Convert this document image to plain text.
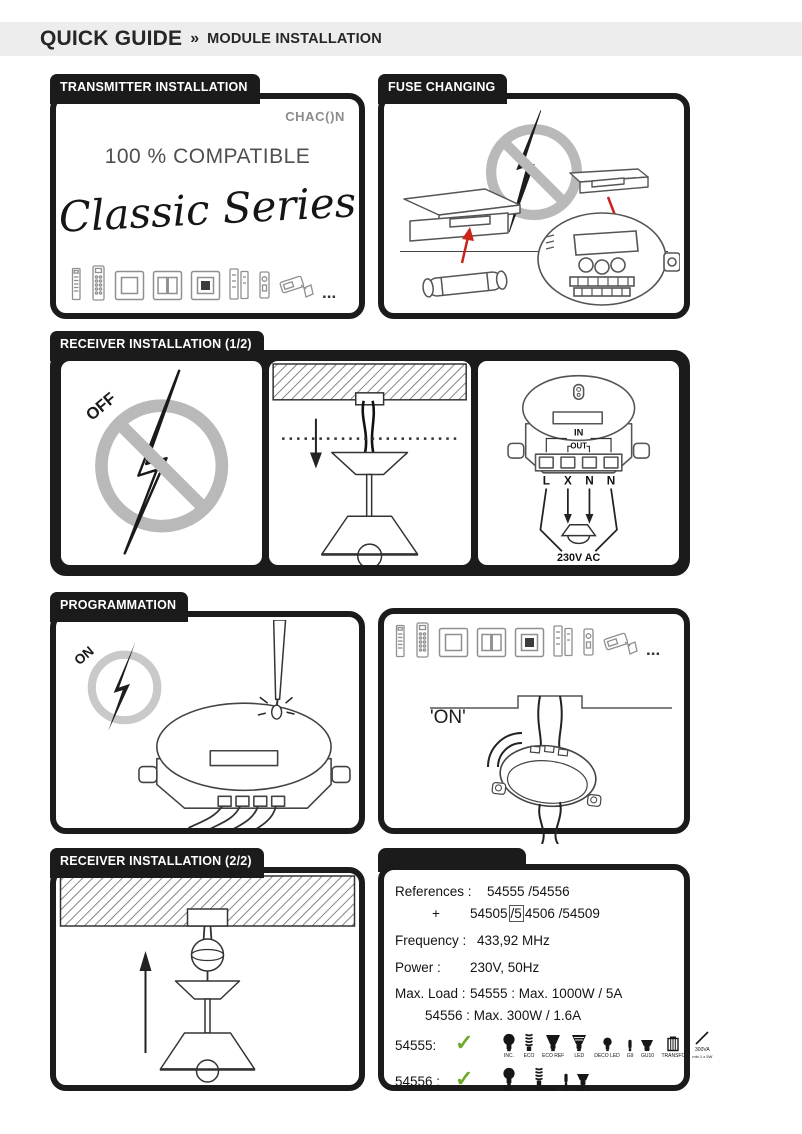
QUICK GUIDE » MODULE INSTALLATION
TRANSMITTER INSTALLATION
CHAC()N
100 % COMPATIBLE
Classic Series
...
FUSE CHANGING
RECEIVER INSTALLATION (1/2)
OFF
IN
OUT
L X N N
230V AC
PROGRAMMATION
ON	...
'ON'
RECEIVER INSTALLATION (2/2)
References : 54555 /54556
+ 54505 /5 4506 /54509
Frequency : 433,92 MHz
Power : 230V, 50Hz
Max. Load : 54555 : Max. 1000W / 5A
54556 : Max. 300W / 1.6A
54555: ✓
INC. ECO ECO REF LED DECO LED G9 GU10 TRANSFO
300VA
min 1 x 5W
54556 : ✓	INC. ECO DIMMER G9 GU10
